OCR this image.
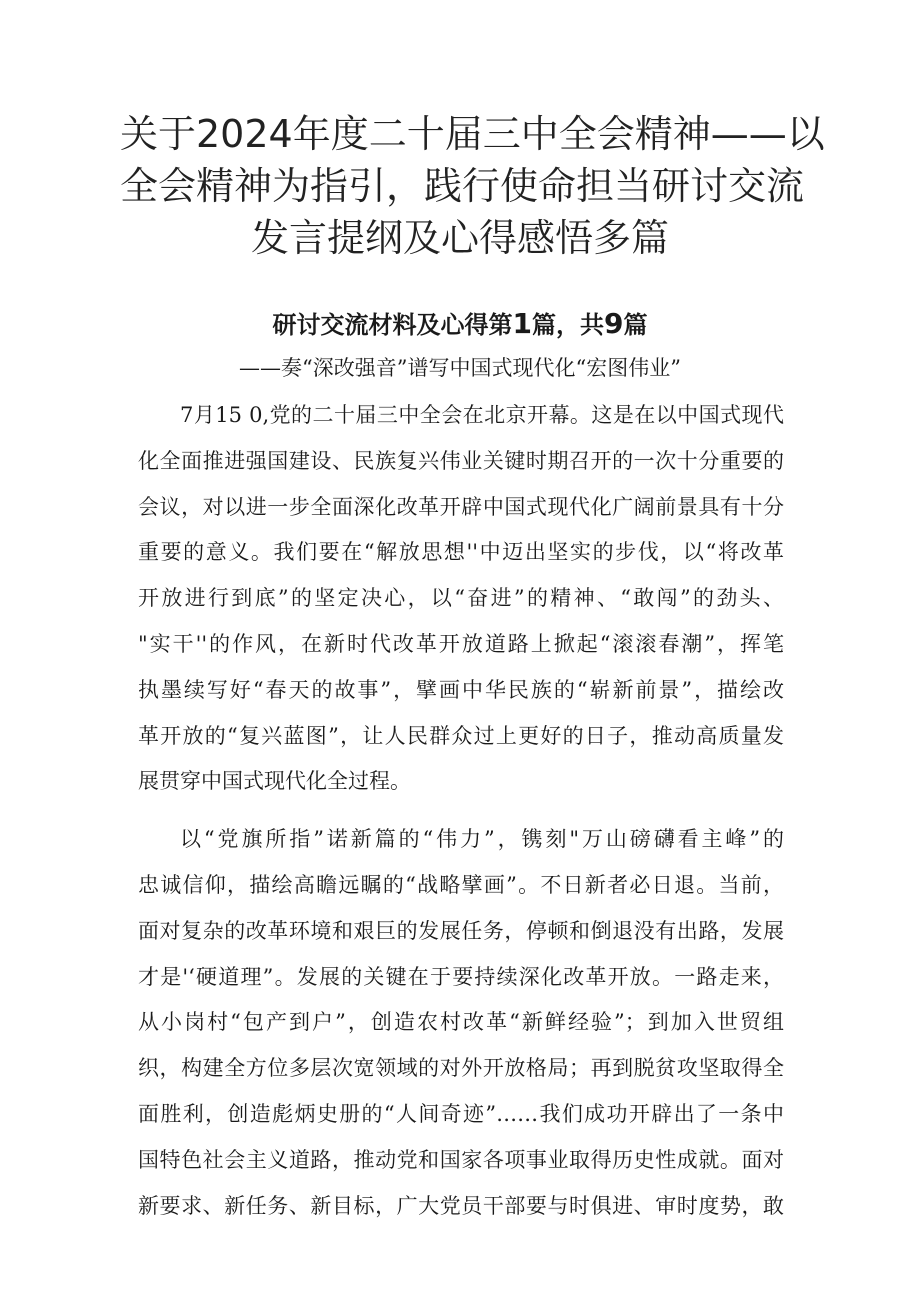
关于2024年度二十届三中全会精神——以
全会精神为指引，践行使命担当研讨交流
发言提纲及心得感悟多篇
研讨交流材料及心得第1篇，共9篇
——奏“深改强音”谱写中国式现代化“宏图伟业”
7月15 0,党的二十届三中全会在北京开幕。这是在以中国式现代
化全面推进强国建设、民族复兴伟业关键时期召开的一次十分重要的
会议，对以进一步全面深化改革开辟中国式现代化广阔前景具有十分
重要的意义。我们要在“解放思想''中迈出坚实的步伐，以“将改革
开放进行到底”的坚定决心，以“奋进”的精神、“敢闯”的劲头、
"实干''的作风，在新时代改革开放道路上掀起“滚滚春潮”，挥笔
执墨续写好“春天的故事”，擘画中华民族的“崭新前景”，描绘改
革开放的“复兴蓝图”，让人民群众过上更好的日子，推动高质量发
展贯穿中国式现代化全过程。
以“党旗所指”诺新篇的“伟力”，镌刻"万山磅礴看主峰”的
忠诚信仰，描绘高瞻远瞩的“战略擘画”。不日新者必日退。当前，
面对复杂的改革环境和艰巨的发展任务，停顿和倒退没有出路，发展
才是'‘硬道理”。发展的关键在于要持续深化改革开放。一路走来，
从小岗村“包产到户”，创造农村改革“新鲜经验”；到加入世贸组
织，构建全方位多层次宽领域的对外开放格局；再到脱贫攻坚取得全
面胜利，创造彪炳史册的“人间奇迹”……我们成功开辟出了一条中
国特色社会主义道路，推动党和国家各项事业取得历史性成就。面对
新要求、新任务、新目标，广大党员干部要与时俱进、审时度势，敢
